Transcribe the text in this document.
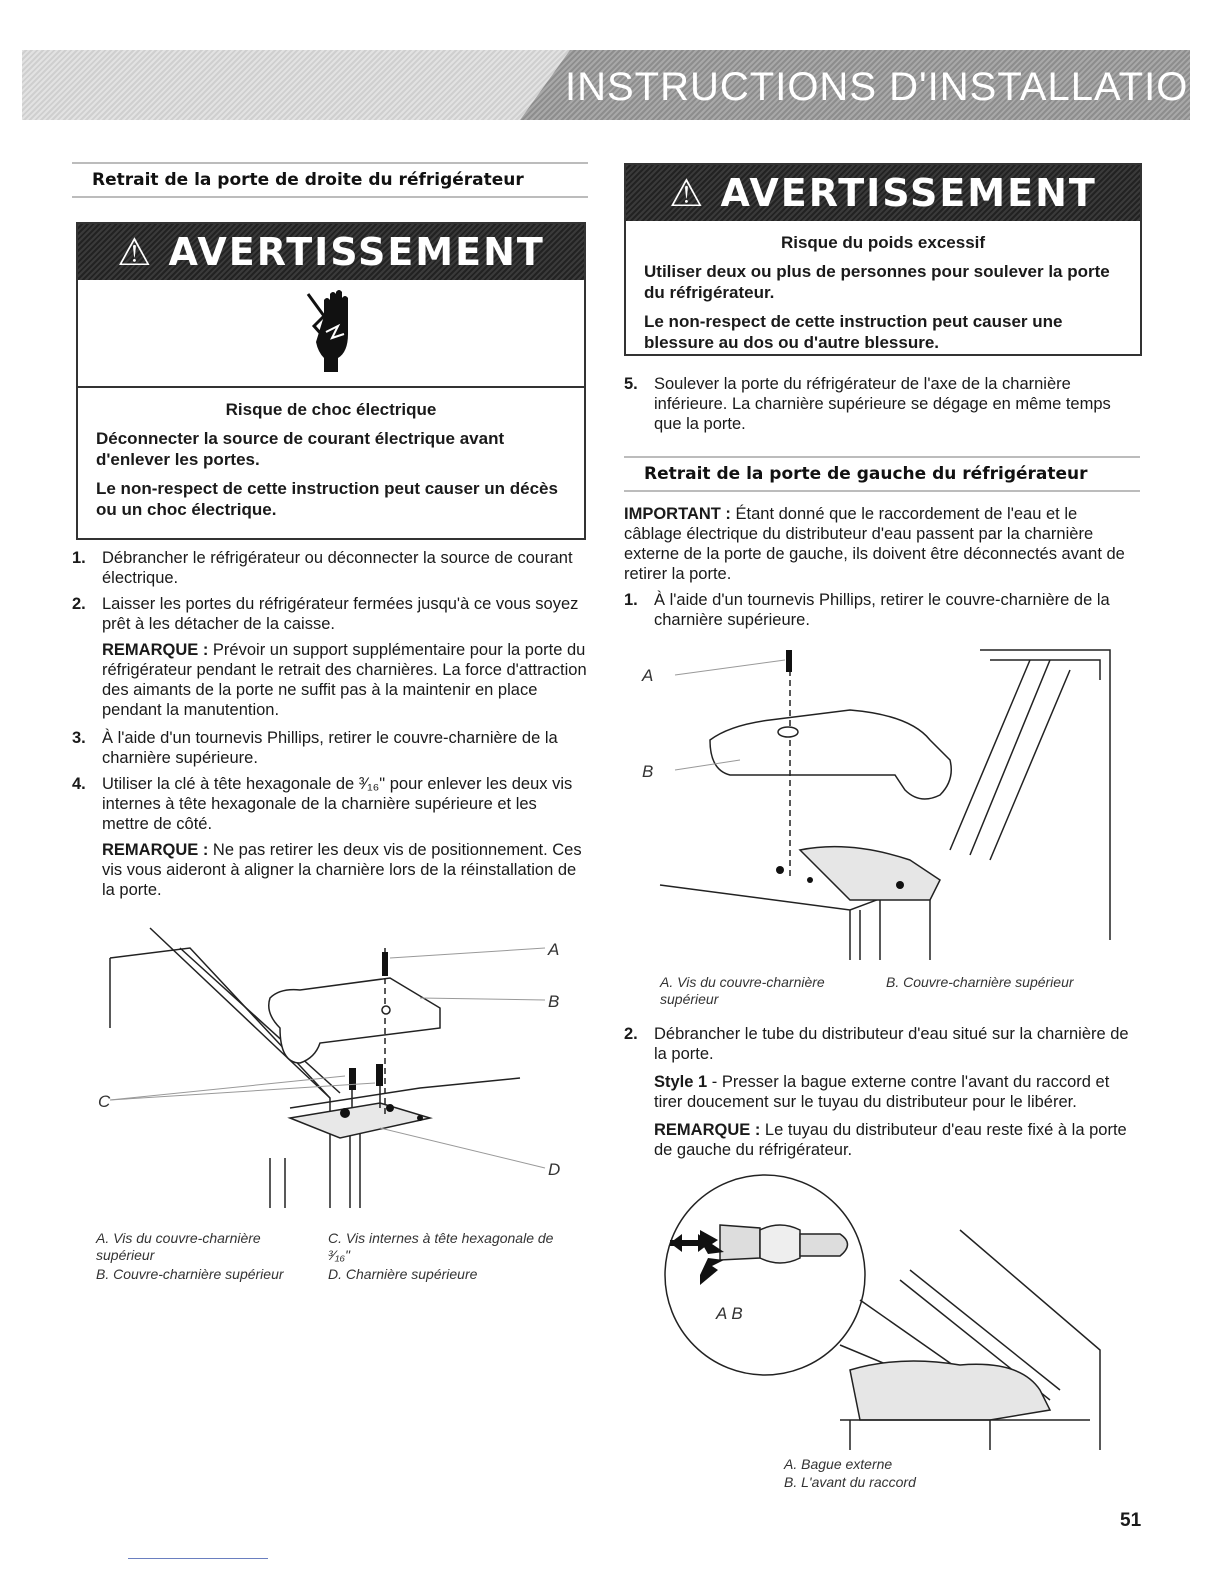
INSTRUCTIONS D'INSTALLATION
Retrait de la porte de droite du réfrigérateur
⚠ AVERTISSEMENT
Risque de choc électrique
Déconnecter la source de courant électrique avant d'enlever les portes.
Le non-respect de cette instruction peut causer un décès ou un choc électrique.
1. Débrancher le réfrigérateur ou déconnecter la source de courant électrique.
2. Laisser les portes du réfrigérateur fermées jusqu'à ce vous soyez prêt à les détacher de la caisse.
REMARQUE : Prévoir un support supplémentaire pour la porte du réfrigérateur pendant le retrait des charnières. La force d'attraction des aimants de la porte ne suffit pas à la maintenir en place pendant la manutention.
3. À l'aide d'un tournevis Phillips, retirer le couvre-charnière de la charnière supérieure.
4. Utiliser la clé à tête hexagonale de ³⁄₁₆" pour enlever les deux vis internes à tête hexagonale de la charnière supérieure et les mettre de côté.
REMARQUE : Ne pas retirer les deux vis de positionnement. Ces vis vous aideront à aligner la charnière lors de la réinstallation de la porte.
A
B
C
D
A. Vis du couvre-charnière supérieur
B. Couvre-charnière supérieur
C. Vis internes à tête hexagonale de ³⁄₁₆"
D. Charnière supérieure
⚠ AVERTISSEMENT
Risque du poids excessif
Utiliser deux ou plus de personnes pour soulever la porte du réfrigérateur.
Le non-respect de cette instruction peut causer une blessure au dos ou d'autre blessure.
5. Soulever la porte du réfrigérateur de l'axe de la charnière inférieure. La charnière supérieure se dégage en même temps que la porte.
Retrait de la porte de gauche du réfrigérateur
IMPORTANT : Étant donné que le raccordement de l'eau et le câblage électrique du distributeur d'eau passent par la charnière externe de la porte de gauche, ils doivent être déconnectés avant de retirer la porte.
1. À l'aide d'un tournevis Phillips, retirer le couvre-charnière de la charnière supérieure.
A
B
A. Vis du couvre-charnière supérieur
B. Couvre-charnière supérieur
2. Débrancher le tube du distributeur d'eau situé sur la charnière de la porte.
Style 1 - Presser la bague externe contre l'avant du raccord et tirer doucement sur le tuyau du distributeur pour le libérer.
REMARQUE : Le tuyau du distributeur d'eau reste fixé à la porte de gauche du réfrigérateur.
A B
A. Bague externe
B. L'avant du raccord
51
